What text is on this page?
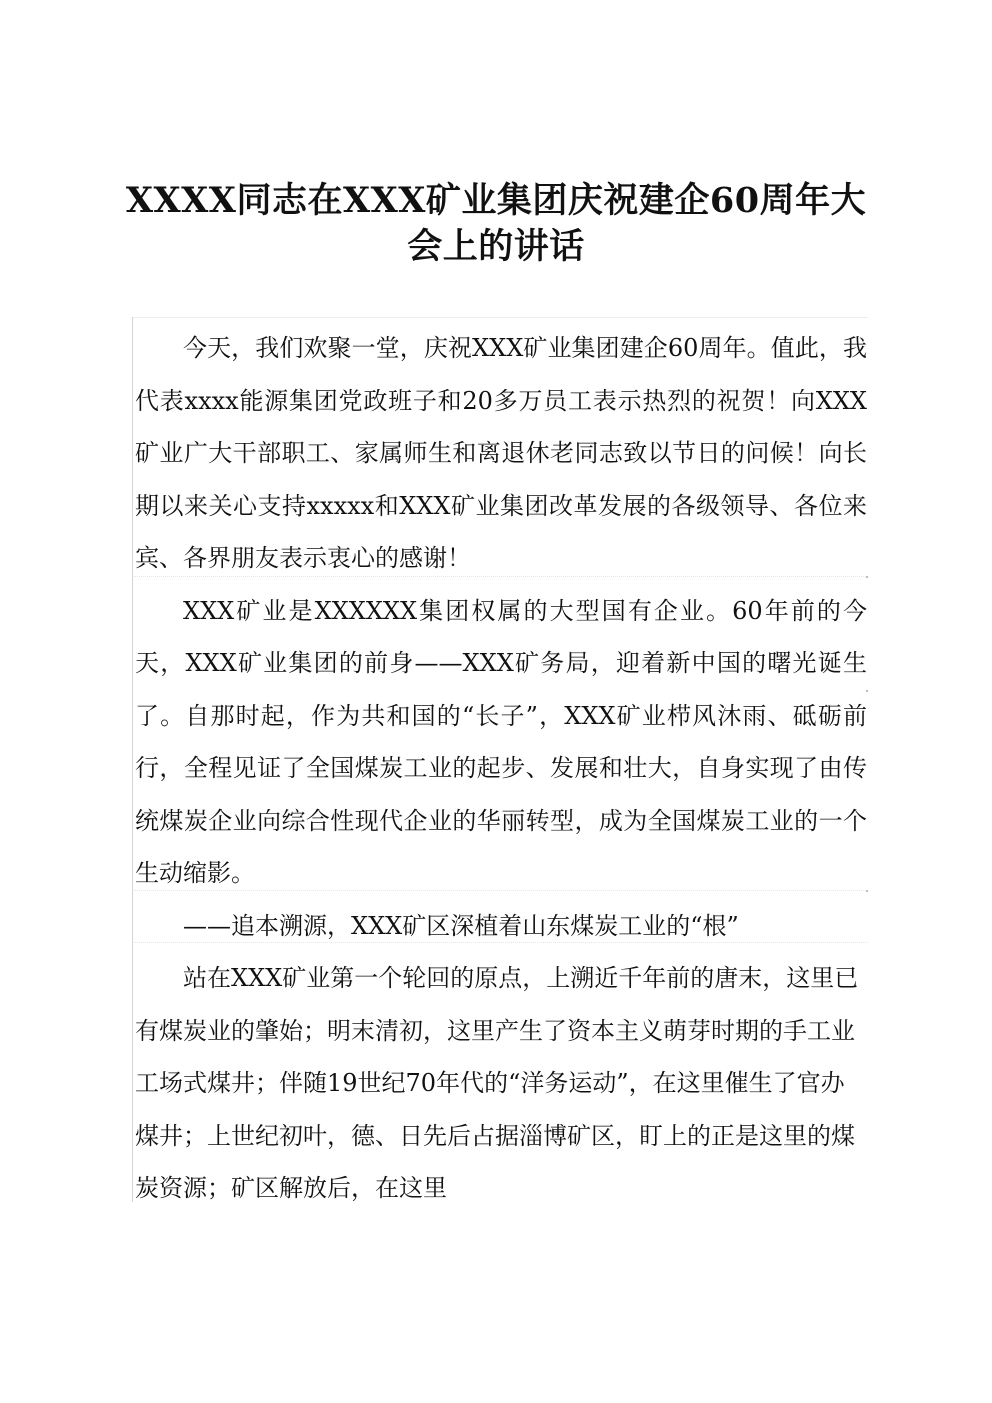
XXXX同志在XXX矿业集团庆祝建企60周年大
会上的讲话

今天，我们欢聚一堂，庆祝XXX矿业集团建企60周年。值此，我代表xxxx能源集团党政班子和20多万员工表示热烈的祝贺！向XXX矿业广大干部职工、家属师生和离退休老同志致以节日的问候！向长期以来关心支持xxxxx和XXX矿业集团改革发展的各级领导、各位来宾、各界朋友表示衷心的感谢！

XXX矿业是XXXXXX集团权属的大型国有企业。60年前的今天，XXX矿业集团的前身——XXX矿务局，迎着新中国的曙光诞生了。自那时起，作为共和国的“长子”，XXX矿业栉风沐雨、砥砺前行，全程见证了全国煤炭工业的起步、发展和壮大，自身实现了由传统煤炭企业向综合性现代企业的华丽转型，成为全国煤炭工业的一个生动缩影。

——追本溯源，XXX矿区深植着山东煤炭工业的“根”

站在XXX矿业第一个轮回的原点，上溯近千年前的唐末，这里已有煤炭业的肇始；明末清初，这里产生了资本主义萌芽时期的手工业工场式煤井；伴随19世纪70年代的“洋务运动”，在这里催生了官办煤井；上世纪初叶，德、日先后占据淄博矿区，盯上的正是这里的煤炭资源；矿区解放后，在这里
